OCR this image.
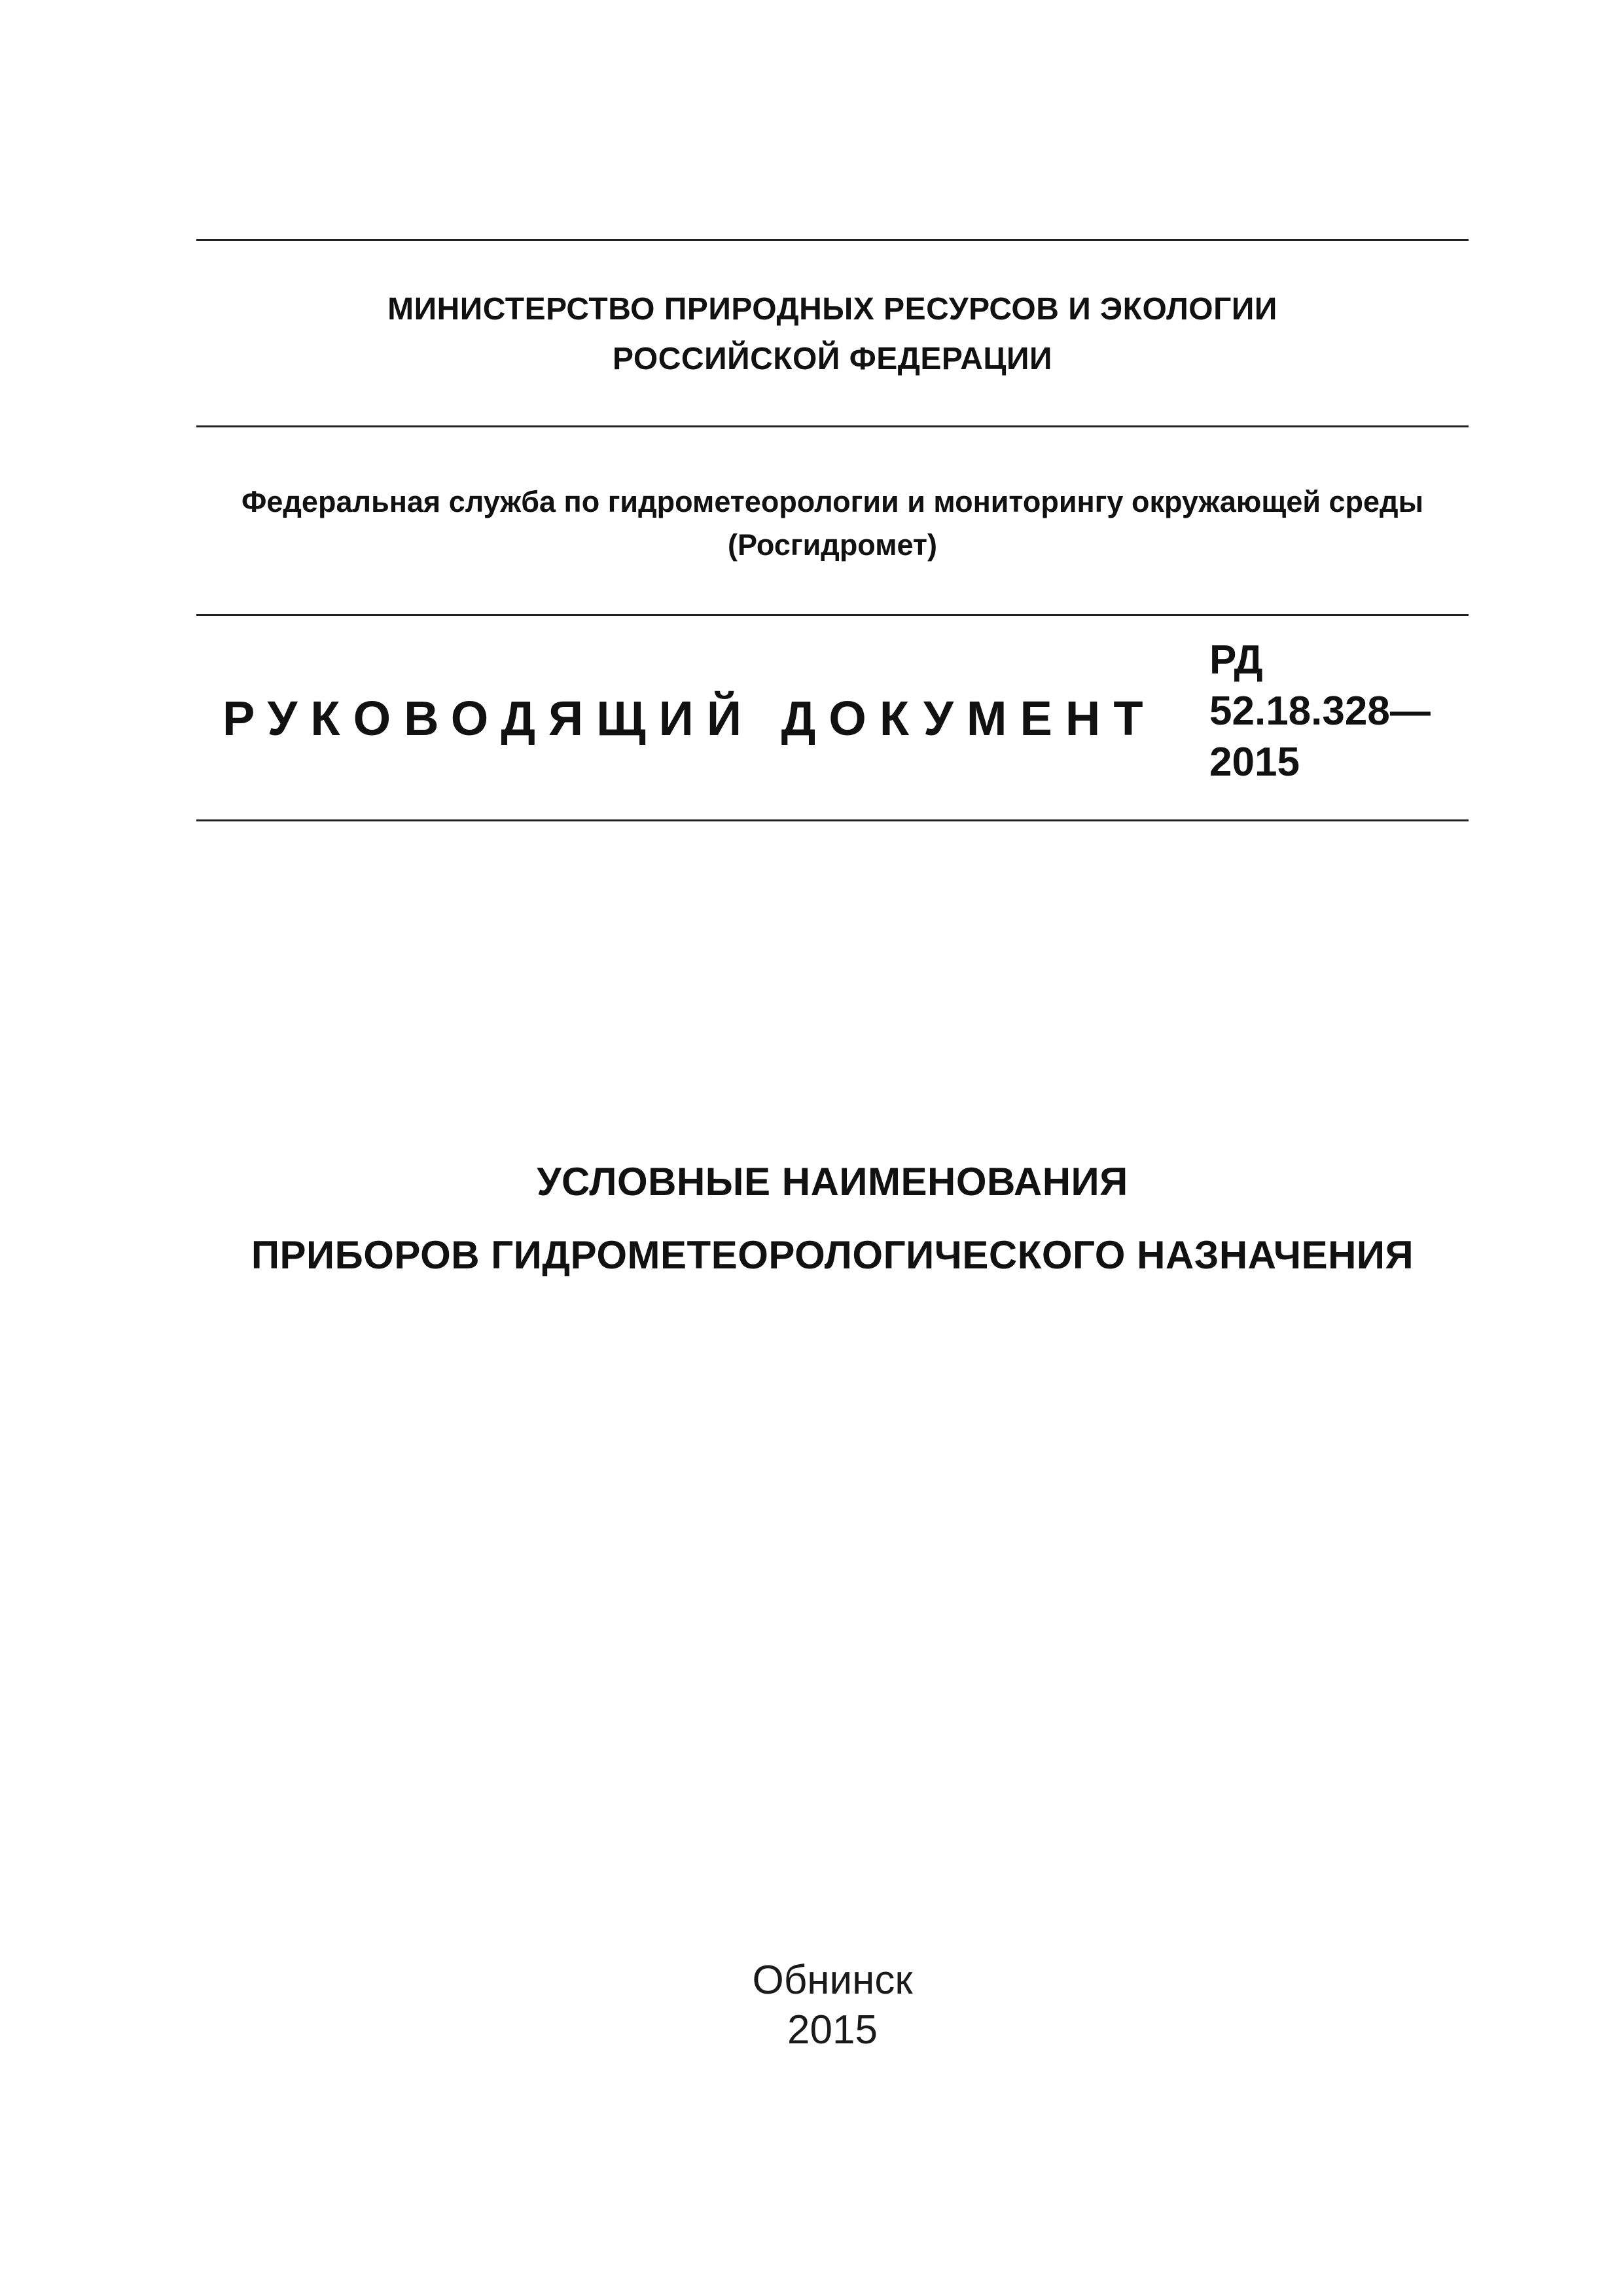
МИНИСТЕРСТВО ПРИРОДНЫХ РЕСУРСОВ И ЭКОЛОГИИ
РОССИЙСКОЙ ФЕДЕРАЦИИ
Федеральная служба по гидрометеорологии и мониторингу окружающей среды
(Росгидромет)
РУКОВОДЯЩИЙ ДОКУМЕНТ
РД
52.18.328—
2015
УСЛОВНЫЕ НАИМЕНОВАНИЯ
ПРИБОРОВ ГИДРОМЕТЕОРОЛОГИЧЕСКОГО НАЗНАЧЕНИЯ
Обнинск
2015
